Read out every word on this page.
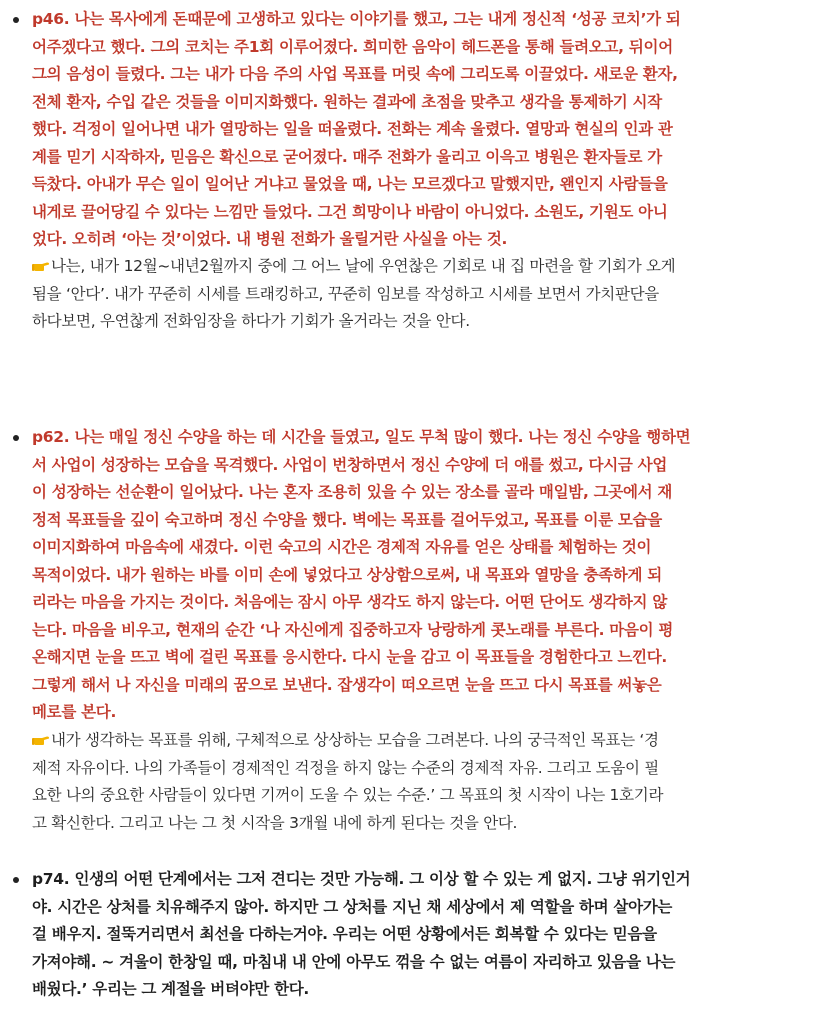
p46. 나는 목사에게 돈때문에 고생하고 있다는 이야기를 했고, 그는 내게 정신적 ‘성공 코치’가 되
어주겠다고 했다. 그의 코치는 주1회 이루어졌다. 희미한 음악이 헤드폰을 통해 들려오고, 뒤이어
그의 음성이 들렸다. 그는 내가 다음 주의 사업 목표를 머릿 속에 그리도록 이끌었다. 새로운 환자,
전체 환자, 수입 같은 것들을 이미지화했다. 원하는 결과에 초점을 맞추고 생각을 통제하기 시작
했다. 걱정이 일어나면 내가 열망하는 일을 떠올렸다. 전화는 계속 울렸다. 열망과 현실의 인과 관
계를 믿기 시작하자, 믿음은 확신으로 굳어졌다. 매주 전화가 울리고 이윽고 병원은 환자들로 가
득찼다. 아내가 무슨 일이 일어난 거냐고 물었을 때, 나는 모르겠다고 말했지만, 왠인지 사람들을
내게로 끌어당길 수 있다는 느낌만 들었다. 그건 희망이나 바람이 아니었다. 소원도, 기원도 아니
었다. 오히려 ‘아는 것’이었다. 내 병원 전화가 울릴거란 사실을 아는 것.
나는, 내가 12월~내년2월까지 중에 그 어느 날에 우연찮은 기회로 내 집 마련을 할 기회가 오게
됨을 ‘안다’. 내가 꾸준히 시세를 트래킹하고, 꾸준히 임보를 작성하고 시세를 보면서 가치판단을
하다보면, 우연찮게 전화임장을 하다가 기회가 올거라는 것을 안다.
p62. 나는 매일 정신 수양을 하는 데 시간을 들였고, 일도 무척 많이 했다. 나는 정신 수양을 행하면
서 사업이 성장하는 모습을 목격했다. 사업이 번창하면서 정신 수양에 더 애를 썼고, 다시금 사업
이 성장하는 선순환이 일어났다. 나는 혼자 조용히 있을 수 있는 장소를 골라 매일밤, 그곳에서 재
정적 목표들을 깊이 숙고하며 정신 수양을 했다. 벽에는 목표를 걸어두었고, 목표를 이룬 모습을
이미지화하여 마음속에 새겼다. 이런 숙고의 시간은 경제적 자유를 얻은 상태를 체험하는 것이
목적이었다. 내가 원하는 바를 이미 손에 넣었다고 상상함으로써, 내 목표와 열망을 충족하게 되
리라는 마음을 가지는 것이다. 처음에는 잠시 아무 생각도 하지 않는다. 어떤 단어도 생각하지 않
는다. 마음을 비우고, 현재의 순간 ‘나 자신에게 집중하고자 낭랑하게 콧노래를 부른다. 마음이 평
온해지면 눈을 뜨고 벽에 걸린 목표를 응시한다. 다시 눈을 감고 이 목표들을 경험한다고 느낀다.
그렇게 해서 나 자신을 미래의 꿈으로 보낸다. 잡생각이 떠오르면 눈을 뜨고 다시 목표를 써놓은
메로를 본다.
내가 생각하는 목표를 위해, 구체적으로 상상하는 모습을 그려본다. 나의 궁극적인 목표는 ‘경
제적 자유이다. 나의 가족들이 경제적인 걱정을 하지 않는 수준의 경제적 자유. 그리고 도움이 필
요한 나의 중요한 사람들이 있다면 기꺼이 도울 수 있는 수준.’ 그 목표의 첫 시작이 나는 1호기라
고 확신한다. 그리고 나는 그 첫 시작을 3개월 내에 하게 된다는 것을 안다.
p74. 인생의 어떤 단계에서는 그저 견디는 것만 가능해. 그 이상 할 수 있는 게 없지. 그냥 위기인거
야. 시간은 상처를 치유해주지 않아. 하지만 그 상처를 지닌 채 세상에서 제 역할을 하며 살아가는
걸 배우지. 절뚝거리면서 최선을 다하는거야. 우리는 어떤 상황에서든 회복할 수 있다는 믿음을
가져야해. ~ 겨울이 한창일 때, 마침내 내 안에 아무도 꺾을 수 없는 여름이 자리하고 있음을 나는
배웠다.’ 우리는 그 계절을 버텨야만 한다.
